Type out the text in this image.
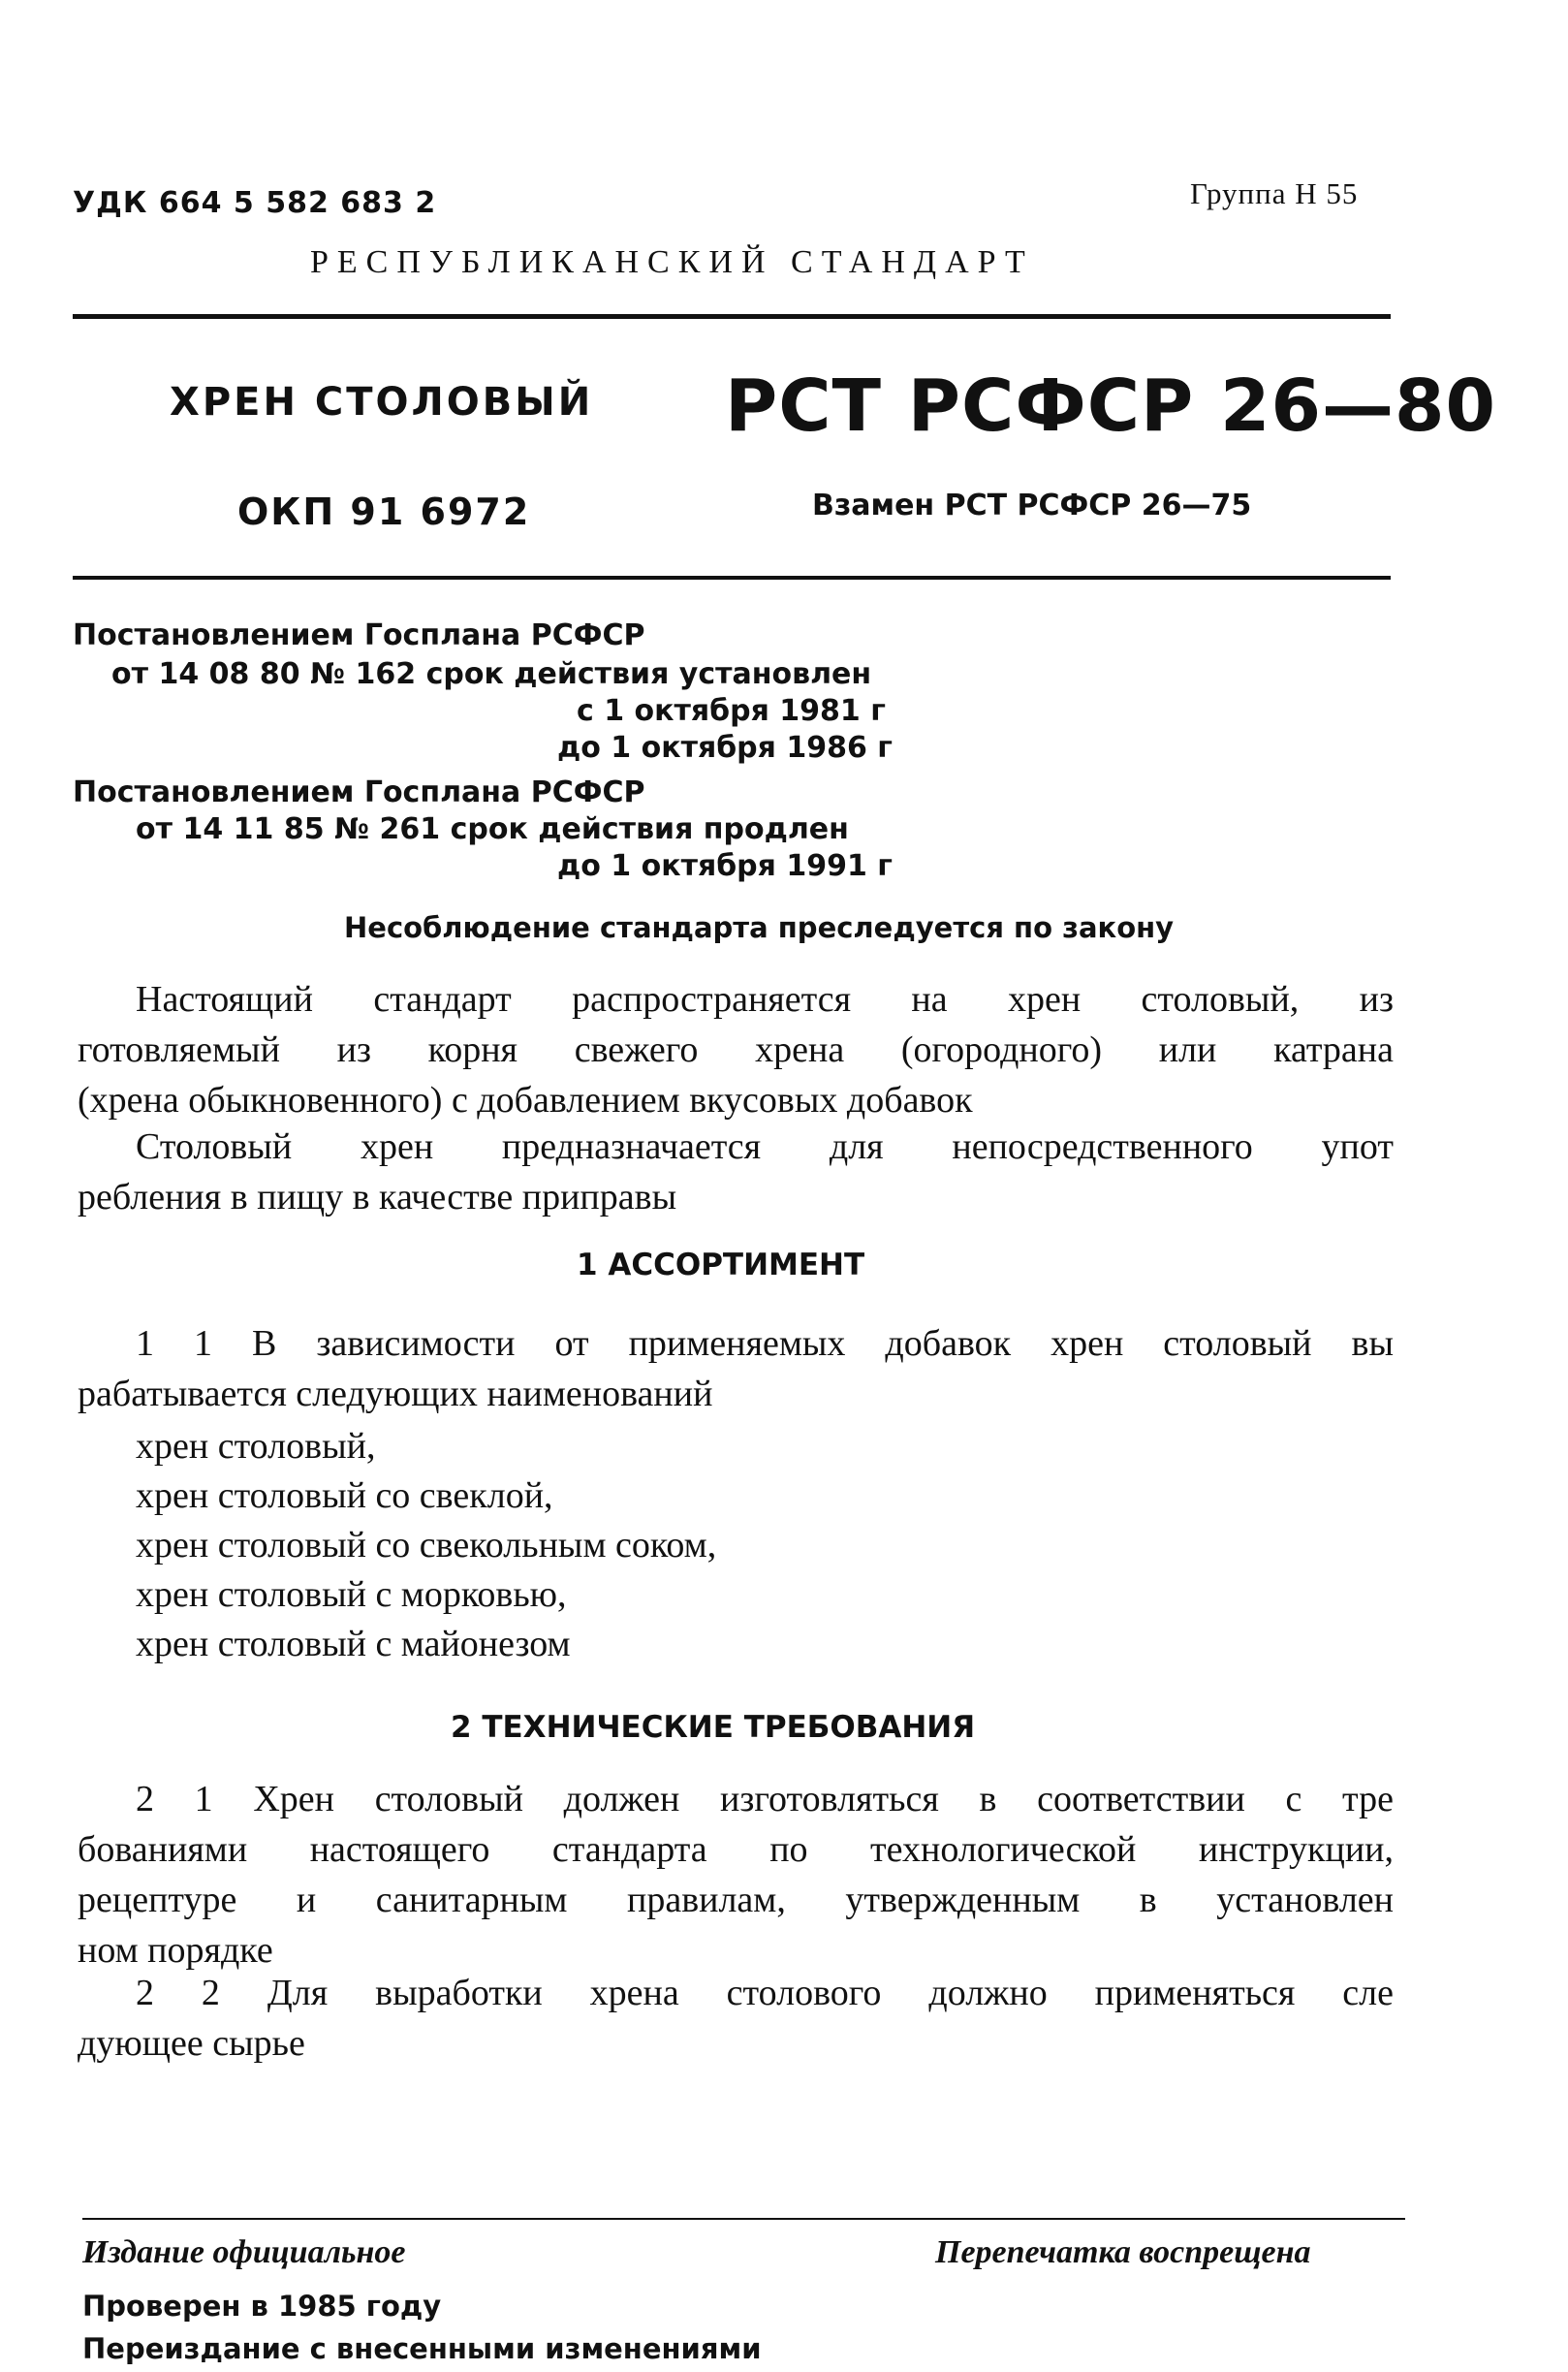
УДК 664 5 582 683 2	Группа Н 55
РЕСПУБЛИКАНСКИЙ СТАНДАРТ
ХРЕН СТОЛОВЫЙ РСТ РСФСР 26—80
ОКП 91 6972	Взамен РСТ РСФСР 26—75
Постановлением Госплана РСФСР
от 14 08 80 № 162 срок действия установлен
с 1 октября 1981 г
до 1 октября 1986 г
Постановлением Госплана РСФСР
от 14 11 85 № 261 срок действия продлен
до 1 октября 1991 г
Несоблюдение стандарта преследуется по закону
Настоящий стандарт распространяется на хрен столовый, из
готовляемый из корня свежего хрена (огородного) или катрана
(хрена обыкновенного) с добавлением вкусовых добавок
Столовый хрен предназначается для непосредственного упот
ребления в пищу в качестве приправы
1 АССОРТИМЕНТ
1 1 В зависимости от применяемых добавок хрен столовый вы
рабатывается следующих наименований
хрен столовый,
хрен столовый со свеклой,
хрен столовый со свекольным соком,
хрен столовый с морковью,
хрен столовый с майонезом
2 ТЕХНИЧЕСКИЕ ТРЕБОВАНИЯ
2 1 Хрен столовый должен изготовляться в соответствии с тре
бованиями настоящего стандарта по технологической инструкции,
рецептуре и санитарным правилам, утвержденным в установлен
ном порядке
2 2 Для выработки хрена столового должно применяться сле
дующее сырье
Издание официальное	Перепечатка воспрещена
Проверен в 1985 году
Переиздание с внесенными изменениями
